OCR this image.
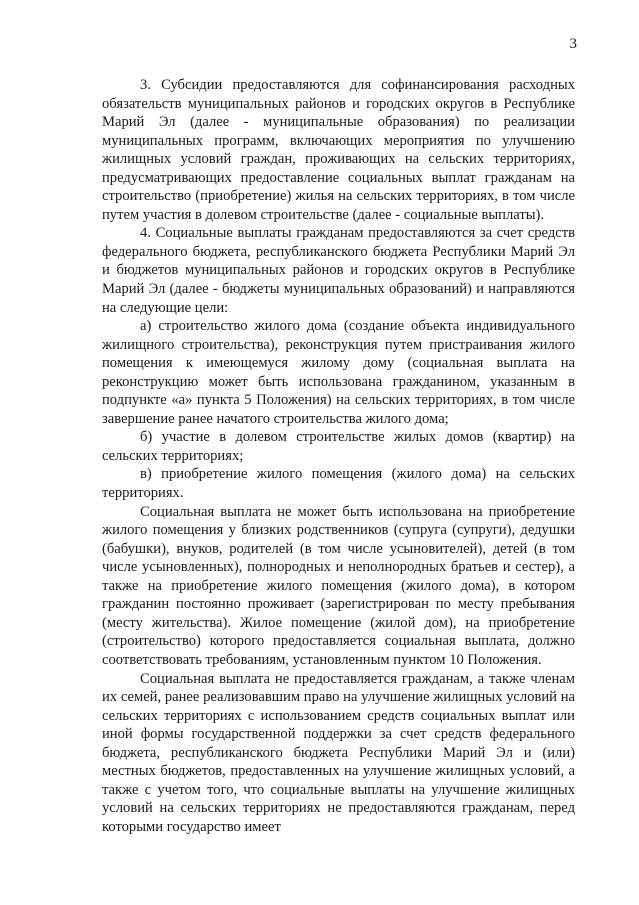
3

3. Субсидии предоставляются для софинансирования расходных обязательств муниципальных районов и городских округов в Республике Марий Эл (далее - муниципальные образования) по реализации муниципальных программ, включающих мероприятия по улучшению жилищных условий граждан, проживающих на сельских территориях, предусматривающих предоставление социальных выплат гражданам на строительство (приобретение) жилья на сельских территориях, в том числе путем участия в долевом строительстве (далее - социальные выплаты).

4. Социальные выплаты гражданам предоставляются за счет средств федерального бюджета, республиканского бюджета Республики Марий Эл и бюджетов муниципальных районов и городских округов в Республике Марий Эл (далее - бюджеты муниципальных образований) и направляются на следующие цели:

а) строительство жилого дома (создание объекта индивидуального жилищного строительства), реконструкция путем пристраивания жилого помещения к имеющемуся жилому дому (социальная выплата на реконструкцию может быть использована гражданином, указанным в подпункте «а» пункта 5 Положения) на сельских территориях, в том числе завершение ранее начатого строительства жилого дома;

б) участие в долевом строительстве жилых домов (квартир) на сельских территориях;

в) приобретение жилого помещения (жилого дома) на сельских территориях.

Социальная выплата не может быть использована на приобретение жилого помещения у близких родственников (супруга (супруги), дедушки (бабушки), внуков, родителей (в том числе усыновителей), детей (в том числе усыновленных), полнородных и неполнородных братьев и сестер), а также на приобретение жилого помещения (жилого дома), в котором гражданин постоянно проживает (зарегистрирован по месту пребывания (месту жительства). Жилое помещение (жилой дом), на приобретение (строительство) которого предоставляется социальная выплата, должно соответствовать требованиям, установленным пунктом 10 Положения.

Социальная выплата не предоставляется гражданам, а также членам их семей, ранее реализовавшим право на улучшение жилищных условий на сельских территориях с использованием средств социальных выплат или иной формы государственной поддержки за счет средств федерального бюджета, республиканского бюджета Республики Марий Эл и (или) местных бюджетов, предоставленных на улучшение жилищных условий, а также с учетом того, что социальные выплаты на улучшение жилищных условий на сельских территориях не предоставляются гражданам, перед которыми государство имеет
